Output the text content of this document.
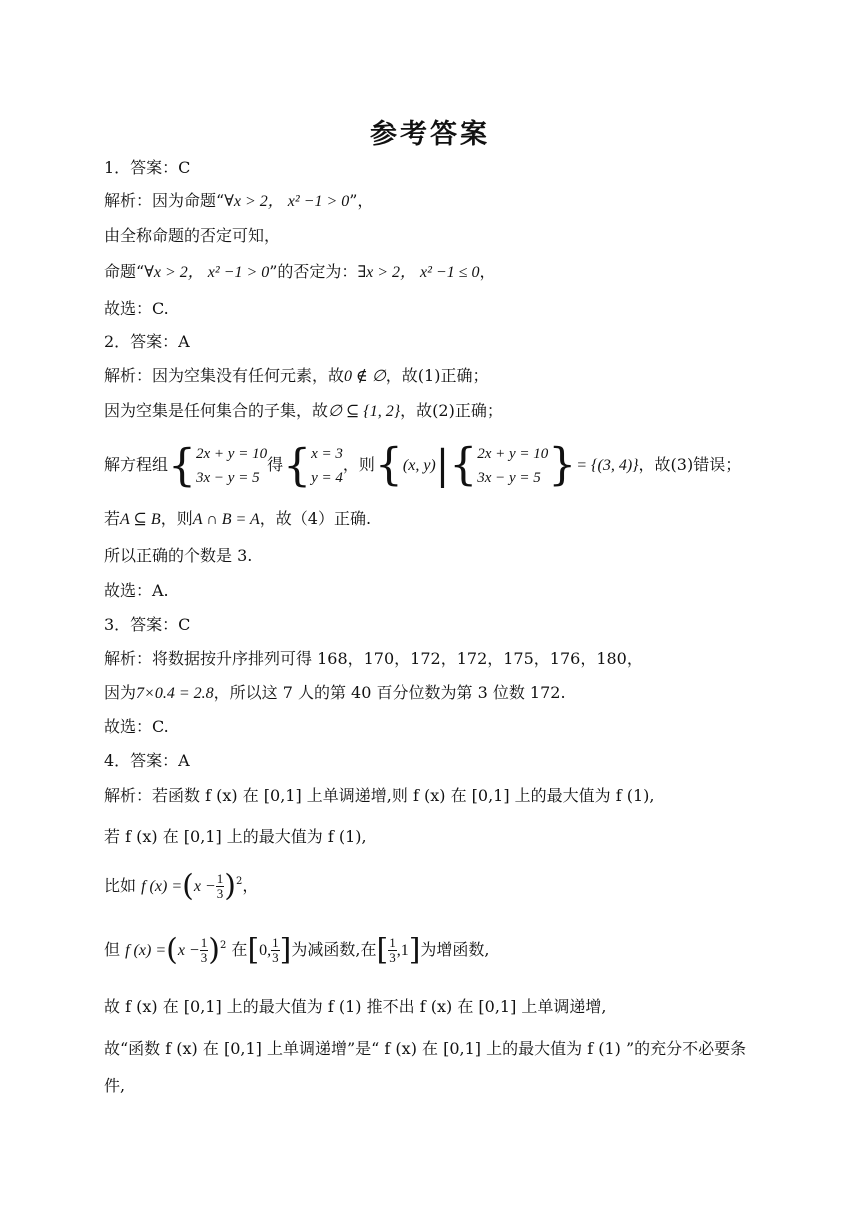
参考答案
1．答案：C
解析：因为命题“∀x > 2， x² −1 > 0”，
由全称命题的否定可知，
命题“∀x > 2， x² −1 > 0”的否定为：∃x > 2， x² −1 ≤ 0，
故选：C.
2．答案：A
解析：因为空集没有任何元素，故0 ∉ ∅，故(1)正确；
因为空集是任何集合的子集，故∅ ⊆ {1, 2}，故(2)正确；
解方程组{ 2x + y = 10
3x − y = 5
得{ x = 3
y = 4
，则{(x, y)|{ 2x + y = 10
3x − y = 5 }= {(3, 4)}，故(3)错误；
若A ⊆ B，则A ∩ B = A，故（4）正确.
所以正确的个数是 3.
故选：A.
3．答案：C
解析：将数据按升序排列可得 168，170，172，172，175，176，180，
因为7×0.4 = 2.8，所以这 7 人的第 40 百分位数为第 3 位数 172.
故选：C.
4．答案：A
解析：若函数 f (x) 在 [0,1] 上单调递增,则 f (x) 在 [0,1] 上的最大值为 f (1),
若 f (x) 在 [0,1] 上的最大值为 f (1),
比如 f $(x) =(x - \frac{1}{3} )^2$，
但 f $(x) =(x - \frac{1}{3} )^2$ 在[0, $\frac{1}{3}$ ]为减函数,在[ $\frac{1}{3} ,1$]为增函数,
故 f (x) 在 [0,1] 上的最大值为 f (1) 推不出 f (x) 在 [0,1] 上单调递增,
故“函数 f (x) 在 [0,1] 上单调递增”是“ f (x) 在 [0,1] 上的最大值为 f (1) ”的充分不必要条
件,
